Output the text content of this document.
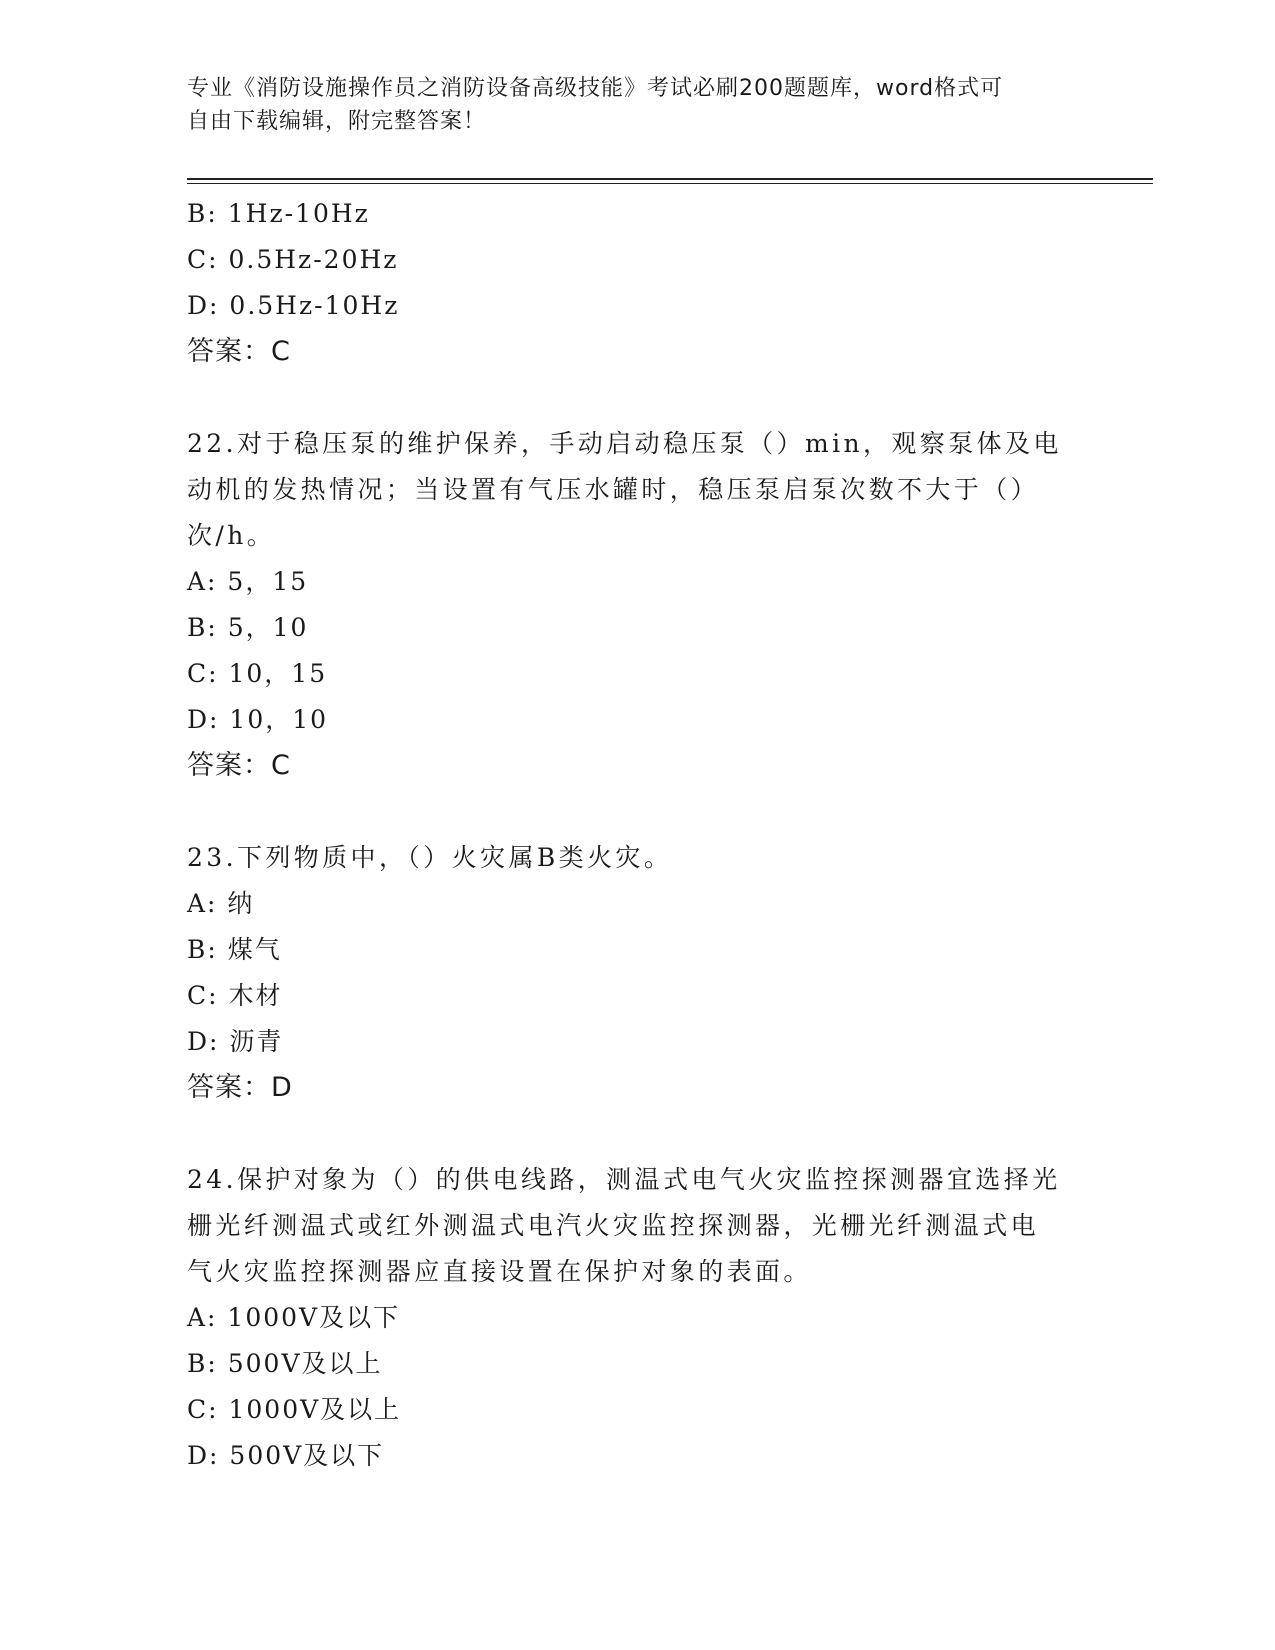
专业《消防设施操作员之消防设备高级技能》考试必刷200题题库，word格式可
自由下载编辑，附完整答案！
B: 1Hz-10Hz
C: 0.5Hz-20Hz
D: 0.5Hz-10Hz
答案：C
22.对于稳压泵的维护保养，手动启动稳压泵（）min，观察泵体及电
动机的发热情况；当设置有气压水罐时，稳压泵启泵次数不大于（）
次/h。
A: 5，15
B: 5，10
C: 10，15
D: 10，10
答案：C
23.下列物质中，（）火灾属B类火灾。
A: 纳
B: 煤气
C: 木材
D: 沥青
答案：D
24.保护对象为（）的供电线路，测温式电气火灾监控探测器宜选择光
栅光纤测温式或红外测温式电汽火灾监控探测器，光栅光纤测温式电
气火灾监控探测器应直接设置在保护对象的表面。
A: 1000V及以下
B: 500V及以上
C: 1000V及以上
D: 500V及以下
